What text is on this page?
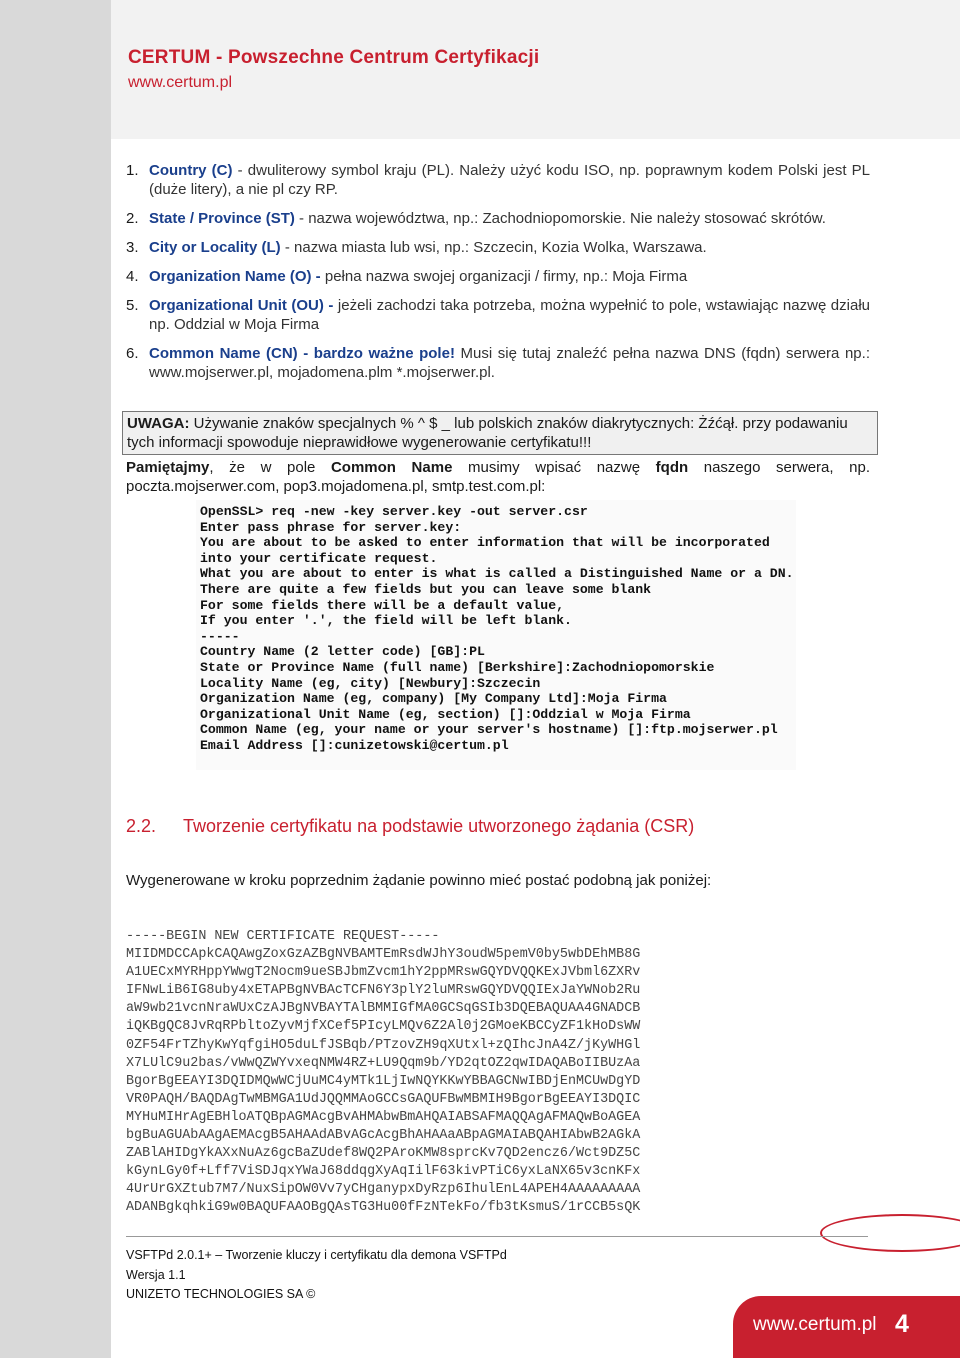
CERTUM - Powszechne Centrum Certyfikacji
www.certum.pl
1. Country (C) - dwuliterowy symbol kraju (PL). Należy użyć kodu ISO, np. poprawnym kodem Polski jest PL (duże litery), a nie pl czy RP.
2. State / Province (ST) - nazwa województwa, np.: Zachodniopomorskie. Nie należy stosować skrótów.
3. City or Locality (L) - nazwa miasta lub wsi, np.: Szczecin, Kozia Wolka, Warszawa.
4. Organization Name (O) - pełna nazwa swojej organizacji / firmy, np.: Moja Firma
5. Organizational Unit (OU) - jeżeli zachodzi taka potrzeba, można wypełnić to pole, wstawiając nazwę działu np. Oddzial w Moja Firma
6. Common Name (CN) - bardzo ważne pole! Musi się tutaj znaleźć pełna nazwa DNS (fqdn) serwera np.: www.mojserwer.pl, mojadomena.plm *.mojserwer.pl.
UWAGA: Używanie znaków specjalnych % ^ $ _ lub polskich znaków diakrytycznych: Żźćął. przy podawaniu tych informacji spowoduje nieprawidłowe wygenerowanie certyfikatu!!!
Pamiętajmy, że w pole Common Name musimy wpisać nazwę fqdn naszego serwera, np. poczta.mojserwer.com, pop3.mojadomena.pl, smtp.test.com.pl:
OpenSSL> req -new -key server.key -out server.csr
Enter pass phrase for server.key:
You are about to be asked to enter information that will be incorporated
into your certificate request.
What you are about to enter is what is called a Distinguished Name or a DN.
There are quite a few fields but you can leave some blank
For some fields there will be a default value,
If you enter '.', the field will be left blank.
-----
Country Name (2 letter code) [GB]:PL
State or Province Name (full name) [Berkshire]:Zachodniopomorskie
Locality Name (eg, city) [Newbury]:Szczecin
Organization Name (eg, company) [My Company Ltd]:Moja Firma
Organizational Unit Name (eg, section) []:Oddzial w Moja Firma
Common Name (eg, your name or your server's hostname) []:ftp.mojserwer.pl
Email Address []:cunizetowski@certum.pl
2.2. Tworzenie certyfikatu na podstawie utworzonego żądania (CSR)
Wygenerowane w kroku poprzednim żądanie powinno mieć postać podobną jak poniżej:
-----BEGIN NEW CERTIFICATE REQUEST-----
MIIDMDCCApkCAQAwgZoxGzAZBgNVBAMTEmRsdWJhY3oudW5pemV0by5wbDEhMB8G
A1UECxMYRHppYWwgT2Nocm9ueSBJbmZvcm1hY2ppMRswGQYDVQQKExJVbml6ZXRv
IFNwLiB6IG8uby4xETAPBgNVBAcTCFN6Y3plY2luMRswGQYDVQQIExJaYWNob2Ru
aW9wb21vcnNraWUxCzAJBgNVBAYTAlBMMIGfMA0GCSqGSIb3DQEBAQUAA4GNADCB
iQKBgQC8JvRqRPbltoZyvMjfXCef5PIcyLMQv6Z2Al0j2GMoeKBCCyZF1kHoDsWW
0ZF54FrTZhyKwYqfgiHO5duLfJSBqb/PTzovZH9qXUtxl+zQIhcJnA4Z/jKyWHGl
X7LUlC9u2bas/vWwQZWYvxeqNMW4RZ+LU9Qqm9b/YD2qtOZ2qwIDAQABoIIBUzAa
BgorBgEEAYI3DQIDMQwWCjUuMC4yMTk1LjIwNQYKKwYBBAGCNwIBDjEnMCUwDgYD
VR0PAQH/BAQDAgTwMBMGA1UdJQQMMAoGCCsGAQUFBwMBMIH9BgorBgEEAYI3DQIC
MYHuMIHrAgEBHloATQBpAGMAcgBvAHMAbwBmAHQAIABSAFMAQQAgAFMAQwBoAGEA
bgBuAGUAbAAgAEMAcgB5AHAAdABvAGcAcgBhAHAAaABpAGMAIABQAHIAbwB2AGkA
ZABlAHIDgYkAXxNuAz6gcBaZUdef8WQ2PAroKMW8sprcKv7QD2encz6/Wct9DZ5C
kGynLGy0f+Lff7ViSDJqxYWaJ68ddqgXyAqIilF63kivPTiC6yxLaNX65v3cnKFx
4UrUrGXZtub7M7/NuxSipOW0Vv7yCHganypxDyRzp6IhulEnL4APEH4AAAAAAAAA
ADANBgkqhkiG9w0BAQUFAAOBgQAsTG3Hu00fFzNTekFo/fb3tKsmuS/1rCCB5sQK
VSFTPd 2.0.1+ – Tworzenie kluczy i certyfikatu dla demona VSFTPd
Wersja 1.1
UNIZETO TECHNOLOGIES SA ©
www.certum.pl 4
